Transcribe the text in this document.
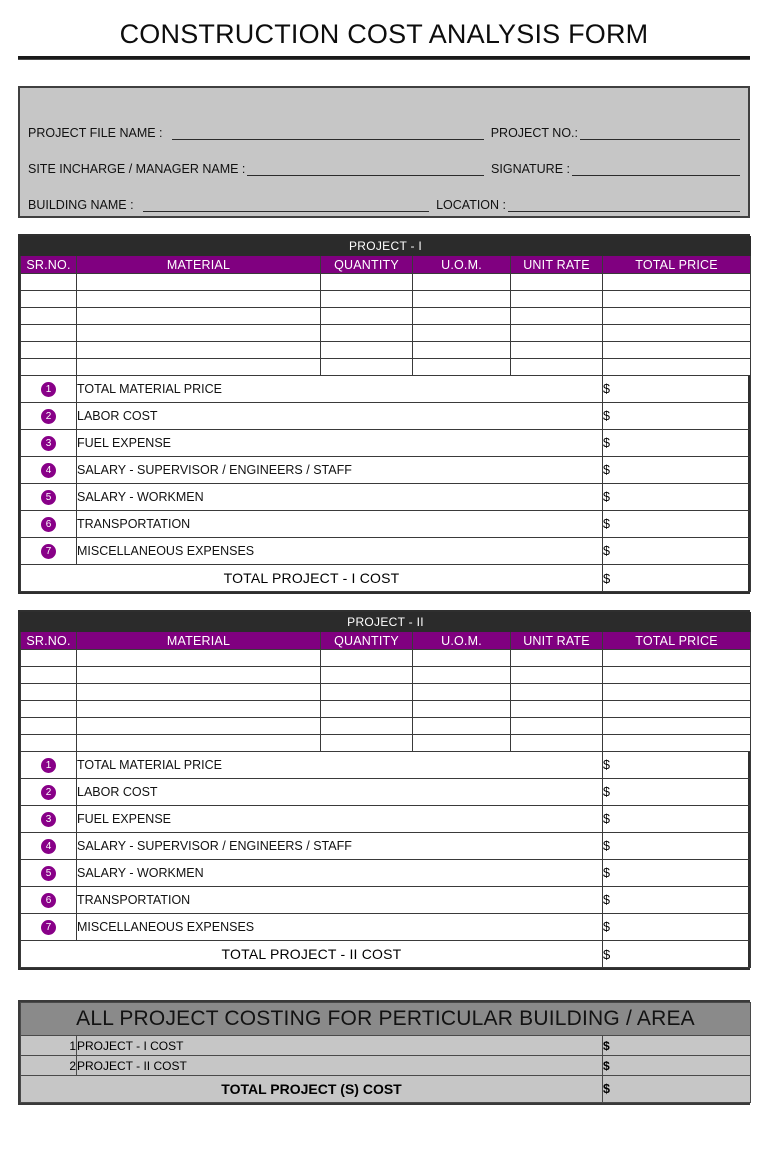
CONSTRUCTION COST ANALYSIS FORM
PROJECT FILE NAME :	PROJECT NO.:
SITE INCHARGE / MANAGER NAME :	SIGNATURE :
BUILDING NAME :	LOCATION :
PROJECT - I					
SR.NO.	MATERIAL	QUANTITY	U.O.M.	UNIT RATE	TOTAL PRICE

1	TOTAL MATERIAL PRICE				$
2	LABOR COST				$
3	FUEL EXPENSE				$
4	SALARY - SUPERVISOR / ENGINEERS / STAFF				$
5	SALARY - WORKMEN				$
6	TRANSPORTATION				$
7	MISCELLANEOUS EXPENSES				$
TOTAL PROJECT - I COST					$
PROJECT - II					
SR.NO.	MATERIAL	QUANTITY	U.O.M.	UNIT RATE	TOTAL PRICE

1	TOTAL MATERIAL PRICE				$
2	LABOR COST				$
3	FUEL EXPENSE				$
4	SALARY - SUPERVISOR / ENGINEERS / STAFF				$
5	SALARY - WORKMEN				$
6	TRANSPORTATION				$
7	MISCELLANEOUS EXPENSES				$
TOTAL PROJECT - II COST					$
ALL PROJECT COSTING FOR PERTICULAR BUILDING / AREA		
1	PROJECT - I COST	$
2	PROJECT - II COST	$
TOTAL PROJECT (S) COST		$
